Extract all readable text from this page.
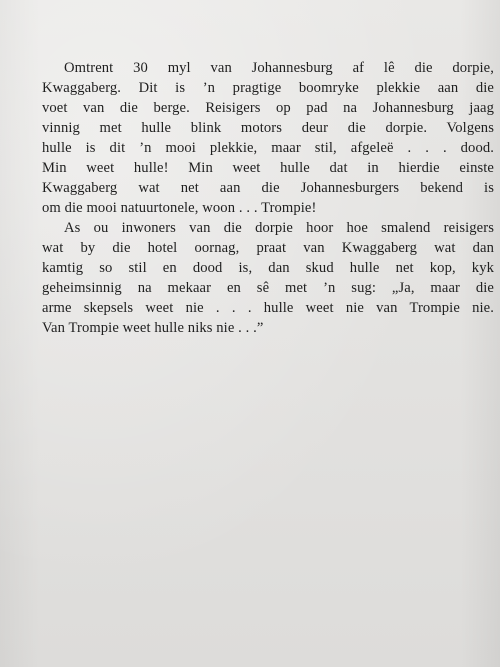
Omtrent 30 myl van Johannesburg af lê die dorpie,
Kwaggaberg. Dit is ’n pragtige boomryke plekkie aan die
voet van die berge. Reisigers op pad na Johannesburg jaag
vinnig met hulle blink motors deur die dorpie. Volgens
hulle is dit ’n mooi plekkie, maar stil, afgeleë . . . dood.
Min weet hulle! Min weet hulle dat in hierdie einste
Kwaggaberg wat net aan die Johannesburgers bekend is
om die mooi natuurtonele, woon . . . Trompie!
As ou inwoners van die dorpie hoor hoe smalend reisigers
wat by die hotel oornag, praat van Kwaggaberg wat dan
kamtig so stil en dood is, dan skud hulle net kop, kyk
geheimsinnig na mekaar en sê met ’n sug: „Ja, maar die
arme skepsels weet nie . . . hulle weet nie van Trompie nie.
Van Trompie weet hulle niks nie . . .”
